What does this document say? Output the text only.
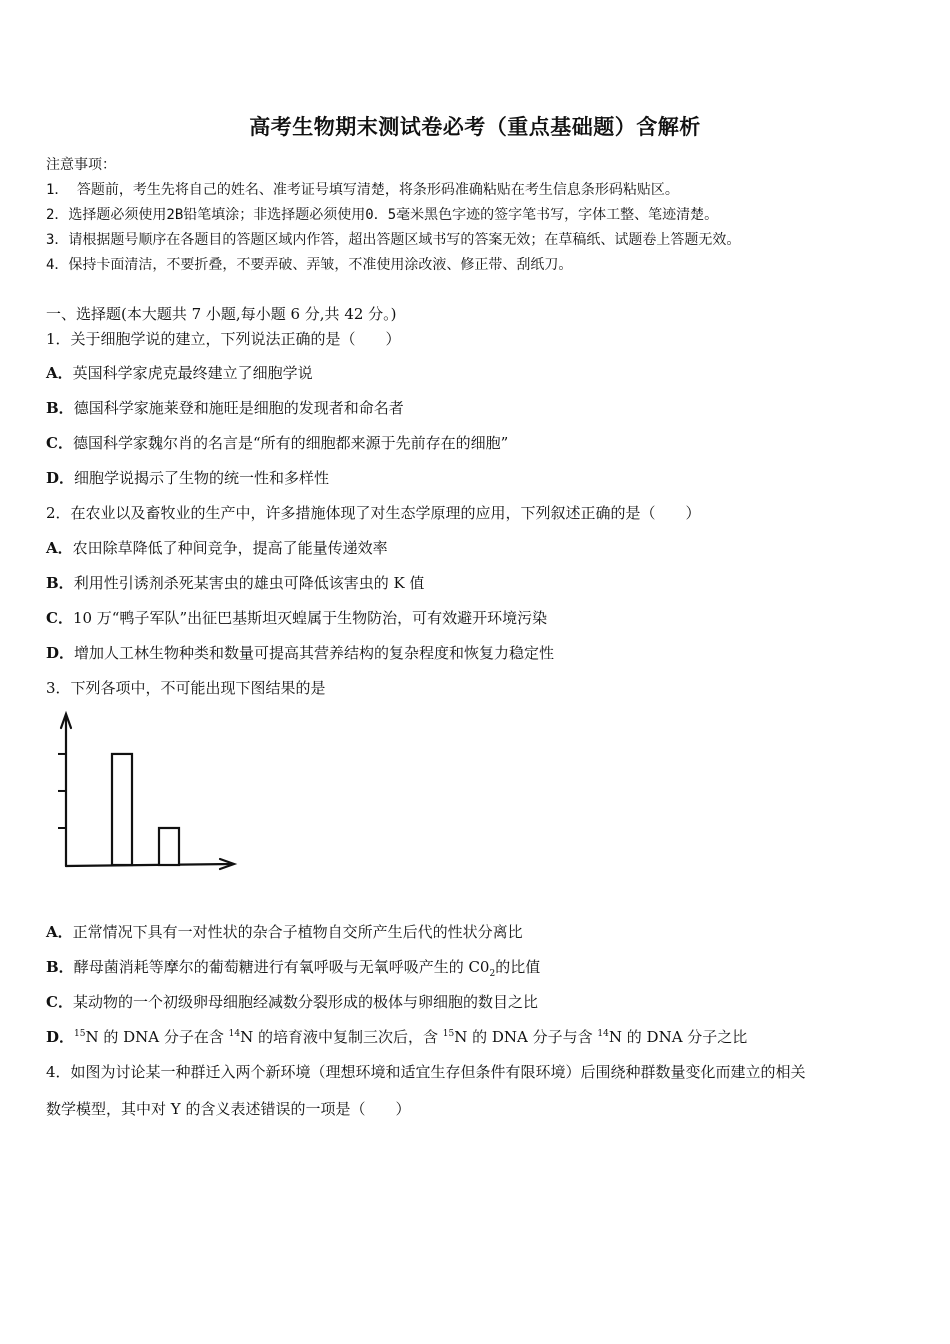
高考生物期末测试卷必考（重点基础题）含解析
注意事项：
1． 答题前，考生先将自己的姓名、准考证号填写清楚，将条形码准确粘贴在考生信息条形码粘贴区。
2．选择题必须使用2B铅笔填涂；非选择题必须使用0．5毫米黑色字迹的签字笔书写，字体工整、笔迹清楚。
3．请根据题号顺序在各题目的答题区域内作答，超出答题区域书写的答案无效；在草稿纸、试题卷上答题无效。
4．保持卡面清洁，不要折叠，不要弄破、弄皱，不准使用涂改液、修正带、刮纸刀。
一、选择题(本大题共 7 小题,每小题 6 分,共 42 分。)
1．关于细胞学说的建立，下列说法正确的是（　　）
A．英国科学家虎克最终建立了细胞学说
B．德国科学家施莱登和施旺是细胞的发现者和命名者
C．德国科学家魏尔肖的名言是“所有的细胞都来源于先前存在的细胞”
D．细胞学说揭示了生物的统一性和多样性
2．在农业以及畜牧业的生产中，许多措施体现了对生态学原理的应用，下列叙述正确的是（　　）
A．农田除草降低了种间竞争，提高了能量传递效率
B．利用性引诱剂杀死某害虫的雄虫可降低该害虫的 K 值
C．10 万“鸭子军队”出征巴基斯坦灭蝗属于生物防治，可有效避开环境污染
D．增加人工林生物种类和数量可提高其营养结构的复杂程度和恢复力稳定性
3．下列各项中，不可能出现下图结果的是
A．正常情况下具有一对性状的杂合子植物自交所产生后代的性状分离比
B．酵母菌消耗等摩尔的葡萄糖进行有氧呼吸与无氧呼吸产生的 $C0_2$的比值
C．某动物的一个初级卵母细胞经减数分裂形成的极体与卵细胞的数目之比
D．$^{15}$N 的 DNA 分子在含 $^{14}$N 的培育液中复制三次后，含 $^{15}$N 的 DNA 分子与含 $^{14}$N 的 DNA 分子之比
4．如图为讨论某一种群迁入两个新环境（理想环境和适宜生存但条件有限环境）后围绕种群数量变化而建立的相关
数学模型，其中对 Y 的含义表述错误的一项是（　　）
